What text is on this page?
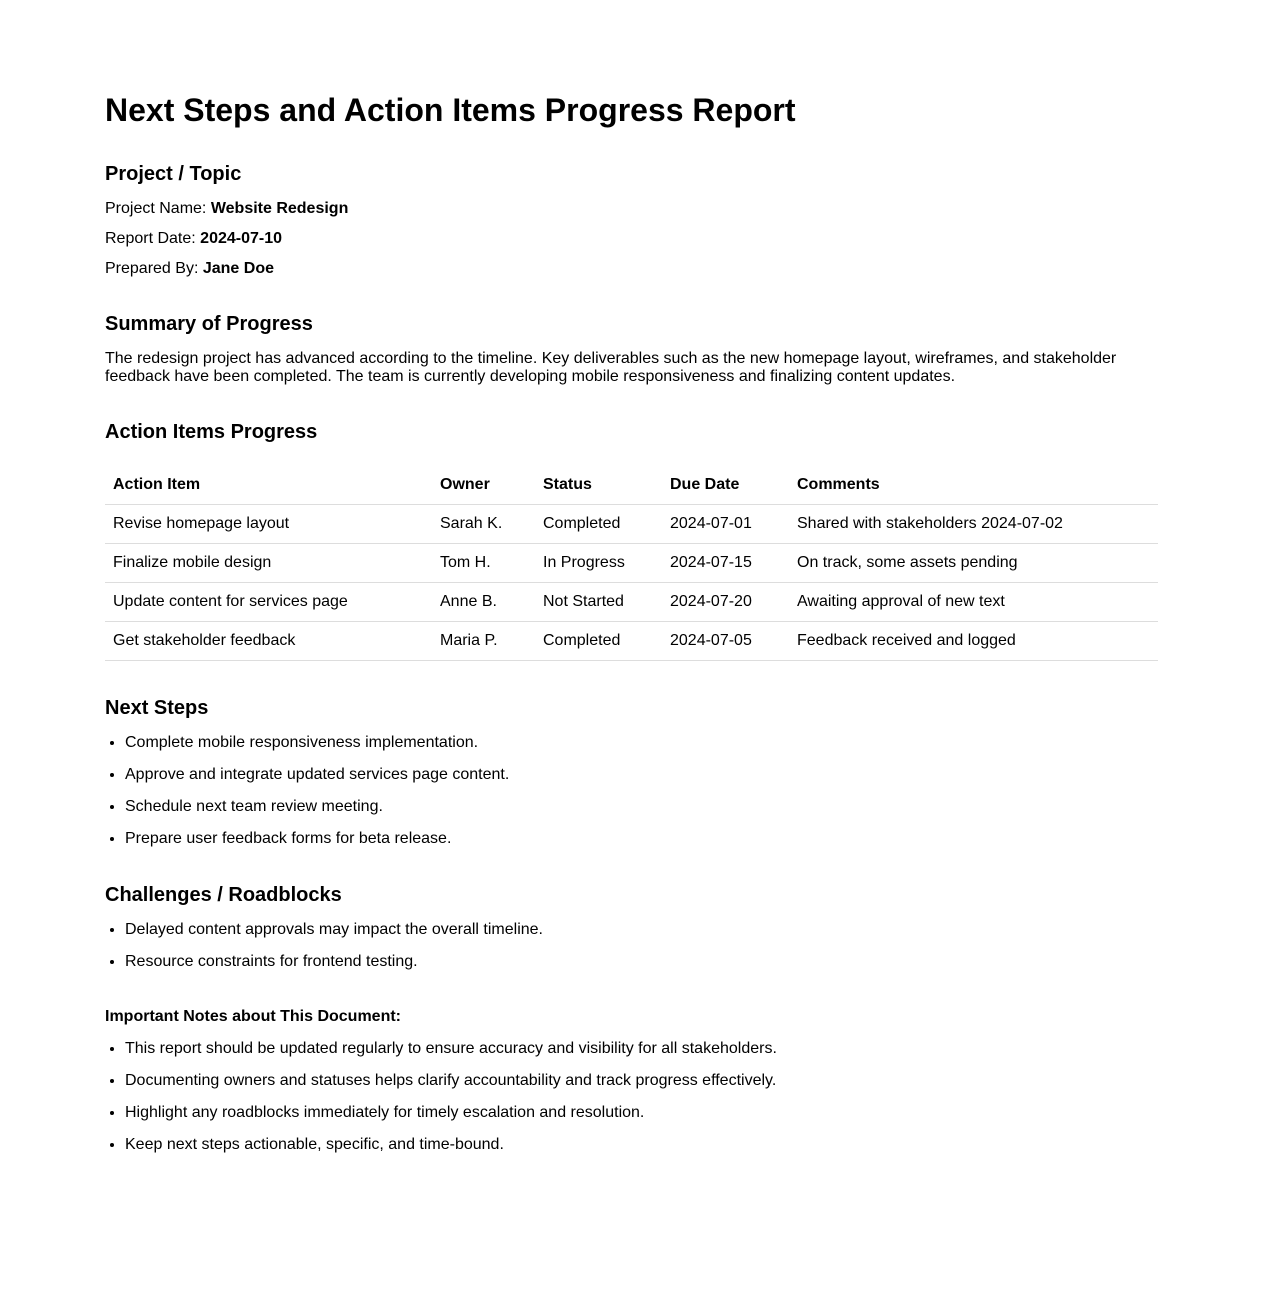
Next Steps and Action Items Progress Report
Project / Topic

Project Name: Website Redesign

Report Date: 2024-07-10

Prepared By: Jane Doe

Summary of Progress

The redesign project has advanced according to the timeline. Key deliverables such as the new homepage layout, wireframes, and stakeholder feedback have been completed. The team is currently developing mobile responsiveness and finalizing content updates.

Action Items Progress
Action Item	Owner	Status	Due Date	Comments
Revise homepage layout	Sarah K.	Completed	2024-07-01	Shared with stakeholders 2024-07-02
Finalize mobile design	Tom H.	In Progress	2024-07-15	On track, some assets pending
Update content for services page	Anne B.	Not Started	2024-07-20	Awaiting approval of new text
Get stakeholder feedback	Maria P.	Completed	2024-07-05	Feedback received and logged
Next Steps
• Complete mobile responsiveness implementation.
• Approve and integrate updated services page content.
• Schedule next team review meeting.
• Prepare user feedback forms for beta release.
Challenges / Roadblocks
• Delayed content approvals may impact the overall timeline.
• Resource constraints for frontend testing.
Important Notes about This Document:
• This report should be updated regularly to ensure accuracy and visibility for all stakeholders.
• Documenting owners and statuses helps clarify accountability and track progress effectively.
• Highlight any roadblocks immediately for timely escalation and resolution.
• Keep next steps actionable, specific, and time-bound.
